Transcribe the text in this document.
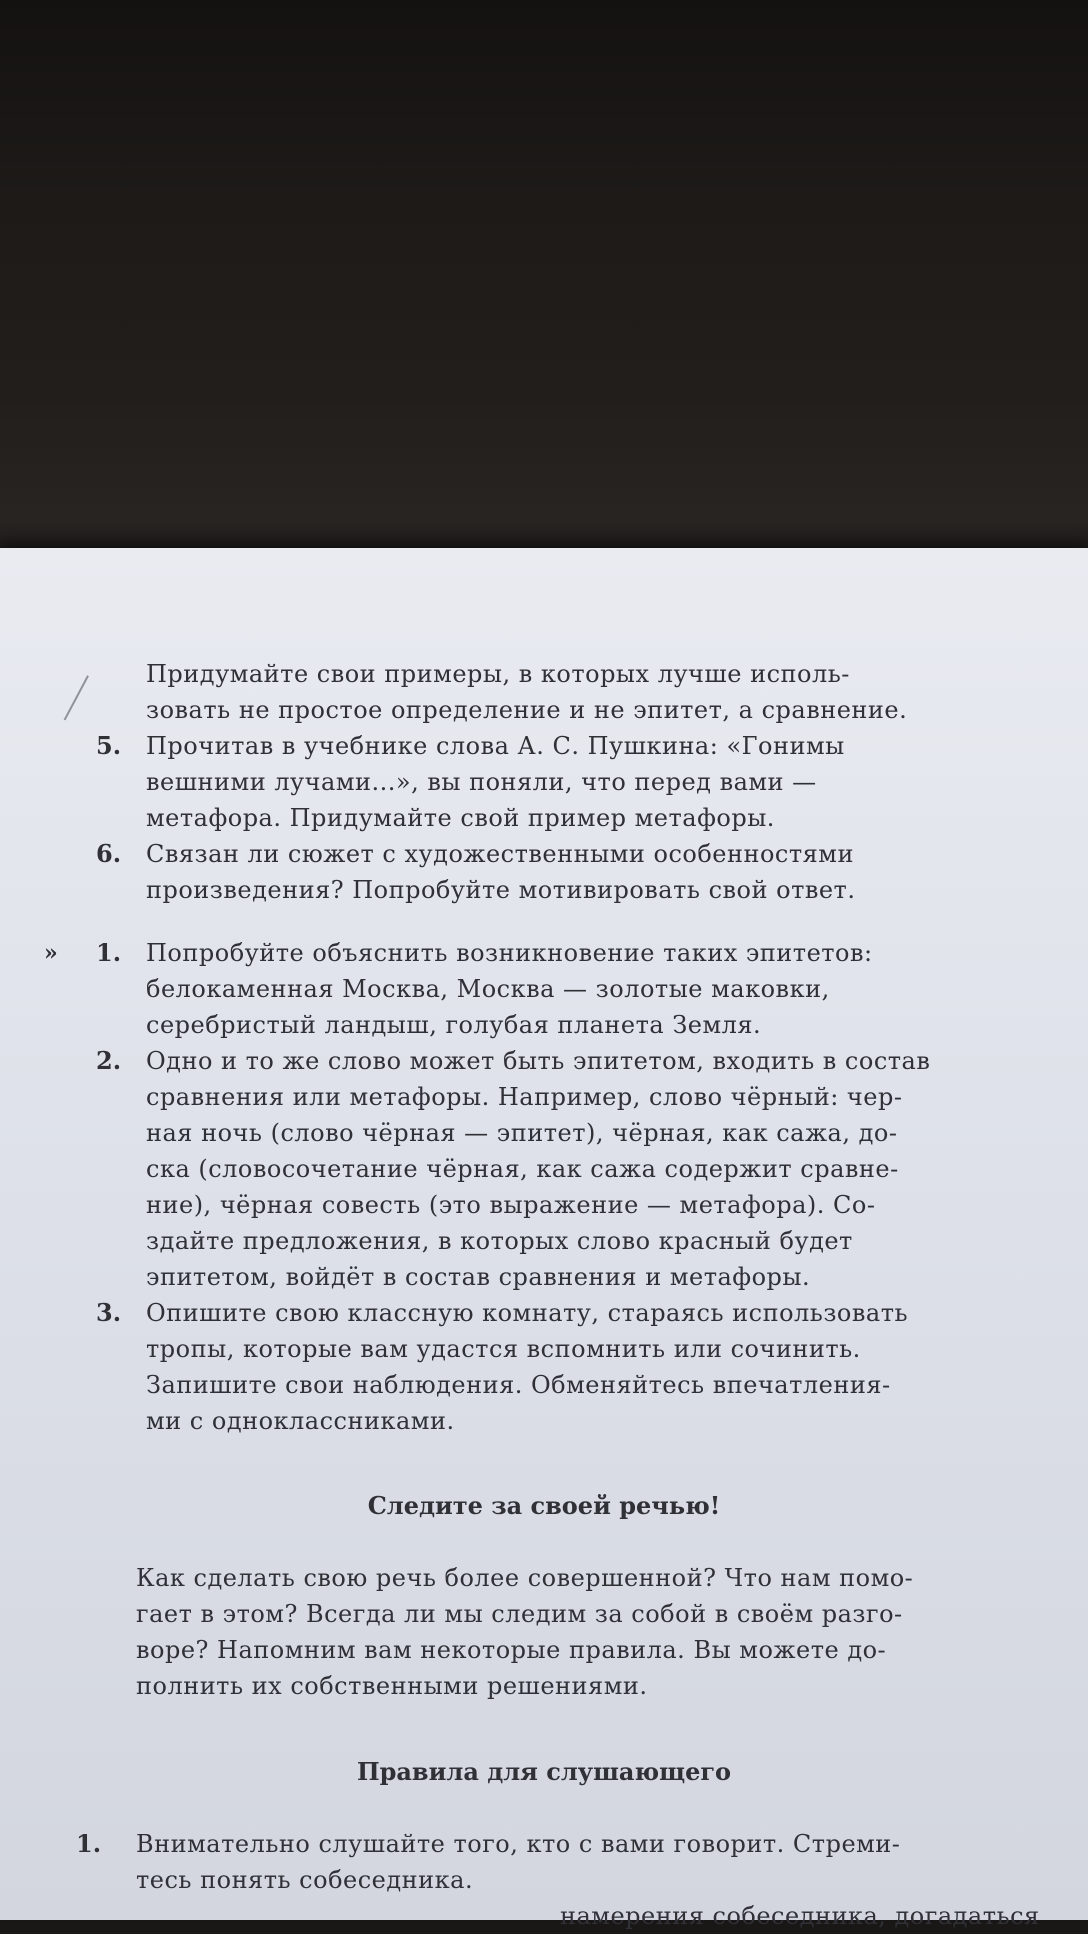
Придумайте свои примеры, в которых лучше исполь-
зовать не простое определение и не эпитет, а сравнение.
5. Прочитав в учебнике слова А. С. Пушкина: «Гонимы
вешними лучами...», вы поняли, что перед вами —
метафора. Придумайте свой пример метафоры.
6. Связан ли сюжет с художественными особенностями
произведения? Попробуйте мотивировать свой ответ.
» 1. Попробуйте объяснить возникновение таких эпитетов:
белокаменная Москва, Москва — золотые маковки,
серебристый ландыш, голубая планета Земля.
2. Одно и то же слово может быть эпитетом, входить в состав
сравнения или метафоры. Например, слово чёрный: чер-
ная ночь (слово чёрная — эпитет), чёрная, как сажа, до-
ска (словосочетание чёрная, как сажа содержит сравне-
ние), чёрная совесть (это выражение — метафора). Со-
здайте предложения, в которых слово красный будет
эпитетом, войдёт в состав сравнения и метафоры.
3. Опишите свою классную комнату, стараясь использовать
тропы, которые вам удастся вспомнить или сочинить.
Запишите свои наблюдения. Обменяйтесь впечатления-
ми с одноклассниками.
Следите за своей речью!
Как сделать свою речь более совершенной? Что нам помо-
гает в этом? Всегда ли мы следим за собой в своём разго-
воре? Напомним вам некоторые правила. Вы можете до-
полнить их собственными решениями.
Правила для слушающего
1. Внимательно слушайте того, кто с вами говорит. Стреми-
тесь понять собеседника.
намерения собеседника, догадаться
